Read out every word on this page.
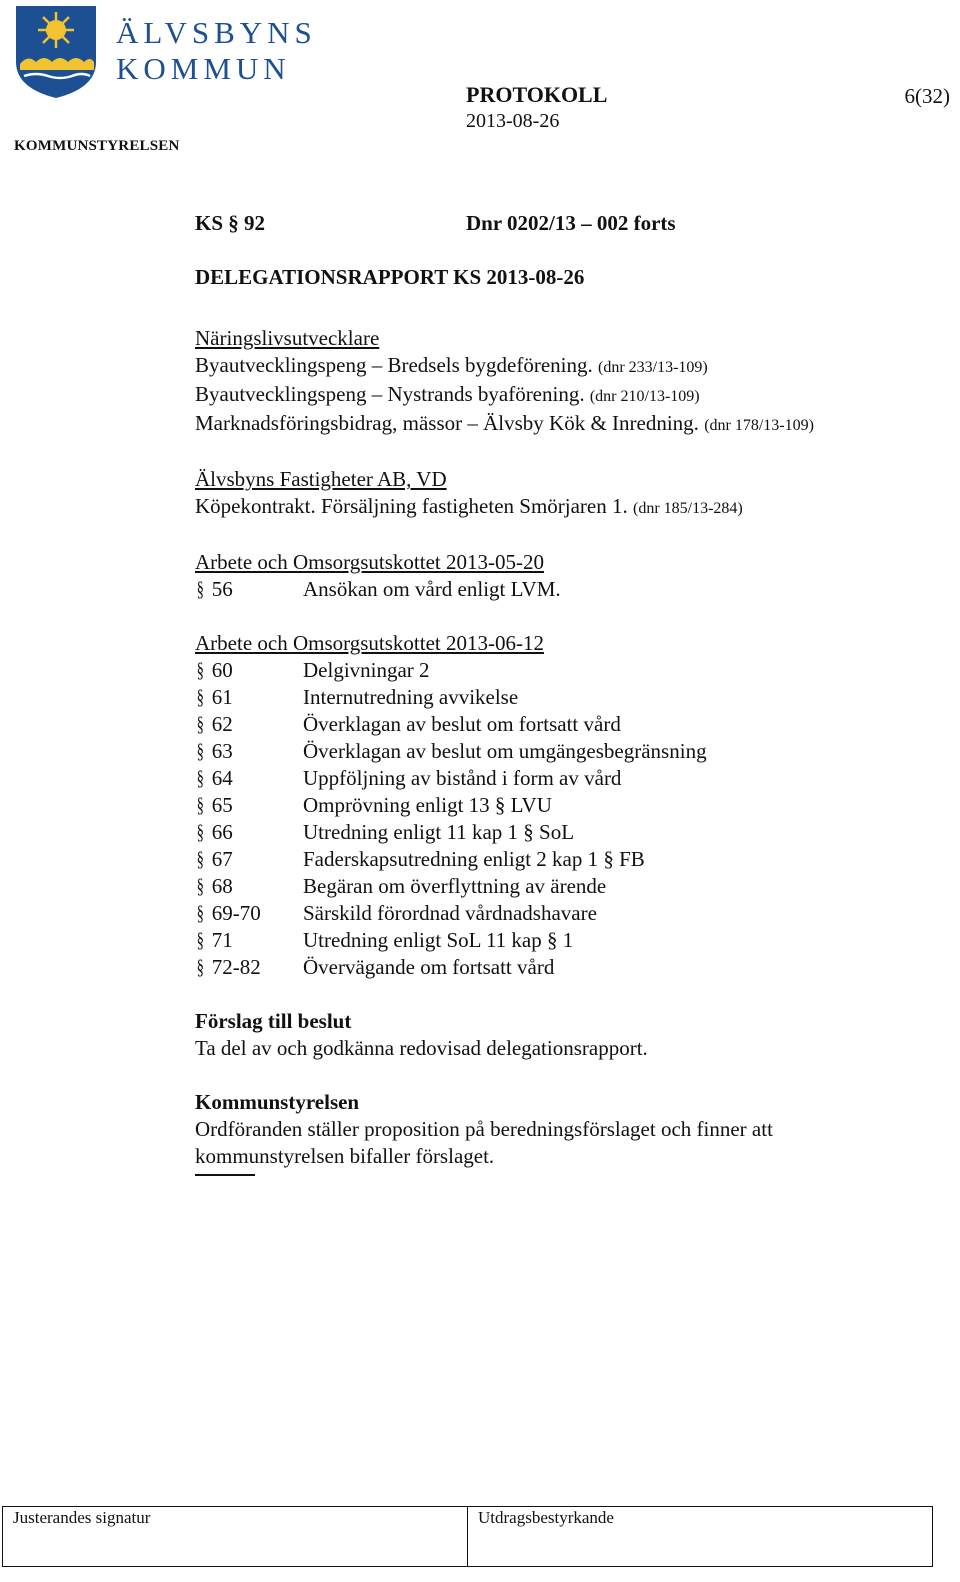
ÄLVSBYNS
KOMMUN
KOMMUNSTYRELSEN
PROTOKOLL
2013-08-26
6(32)
KS § 92	Dnr 0202/13 – 002 forts
DELEGATIONSRAPPORT KS 2013-08-26
Näringslivsutvecklare
Byautvecklingspeng – Bredsels bygdeförening. (dnr 233/13-109)
Byautvecklingspeng – Nystrands byaförening. (dnr 210/13-109)
Marknadsföringsbidrag, mässor – Älvsby Kök & Inredning. (dnr 178/13-109)
Älvsbyns Fastigheter AB, VD
Köpekontrakt. Försäljning fastigheten Smörjaren 1. (dnr 185/13-284)
Arbete och Omsorgsutskottet 2013-05-20
§ 56	Ansökan om vård enligt LVM.
Arbete och Omsorgsutskottet 2013-06-12
§ 60	Delgivningar 2
§ 61	Internutredning avvikelse
§ 62	Överklagan av beslut om fortsatt vård
§ 63	Överklagan av beslut om umgängesbegränsning
§ 64	Uppföljning av bistånd i form av vård
§ 65	Omprövning enligt 13 § LVU
§ 66	Utredning enligt 11 kap 1 § SoL
§ 67	Faderskapsutredning enligt 2 kap 1 § FB
§ 68	Begäran om överflyttning av ärende
§ 69-70	Särskild förordnad vårdnadshavare
§ 71	Utredning enligt SoL 11 kap § 1
§ 72-82	Övervägande om fortsatt vård
Förslag till beslut
Ta del av och godkänna redovisad delegationsrapport.
Kommunstyrelsen
Ordföranden ställer proposition på beredningsförslaget och finner att kommunstyrelsen bifaller förslaget.
Justerandes signatur	Utdragsbestyrkande
